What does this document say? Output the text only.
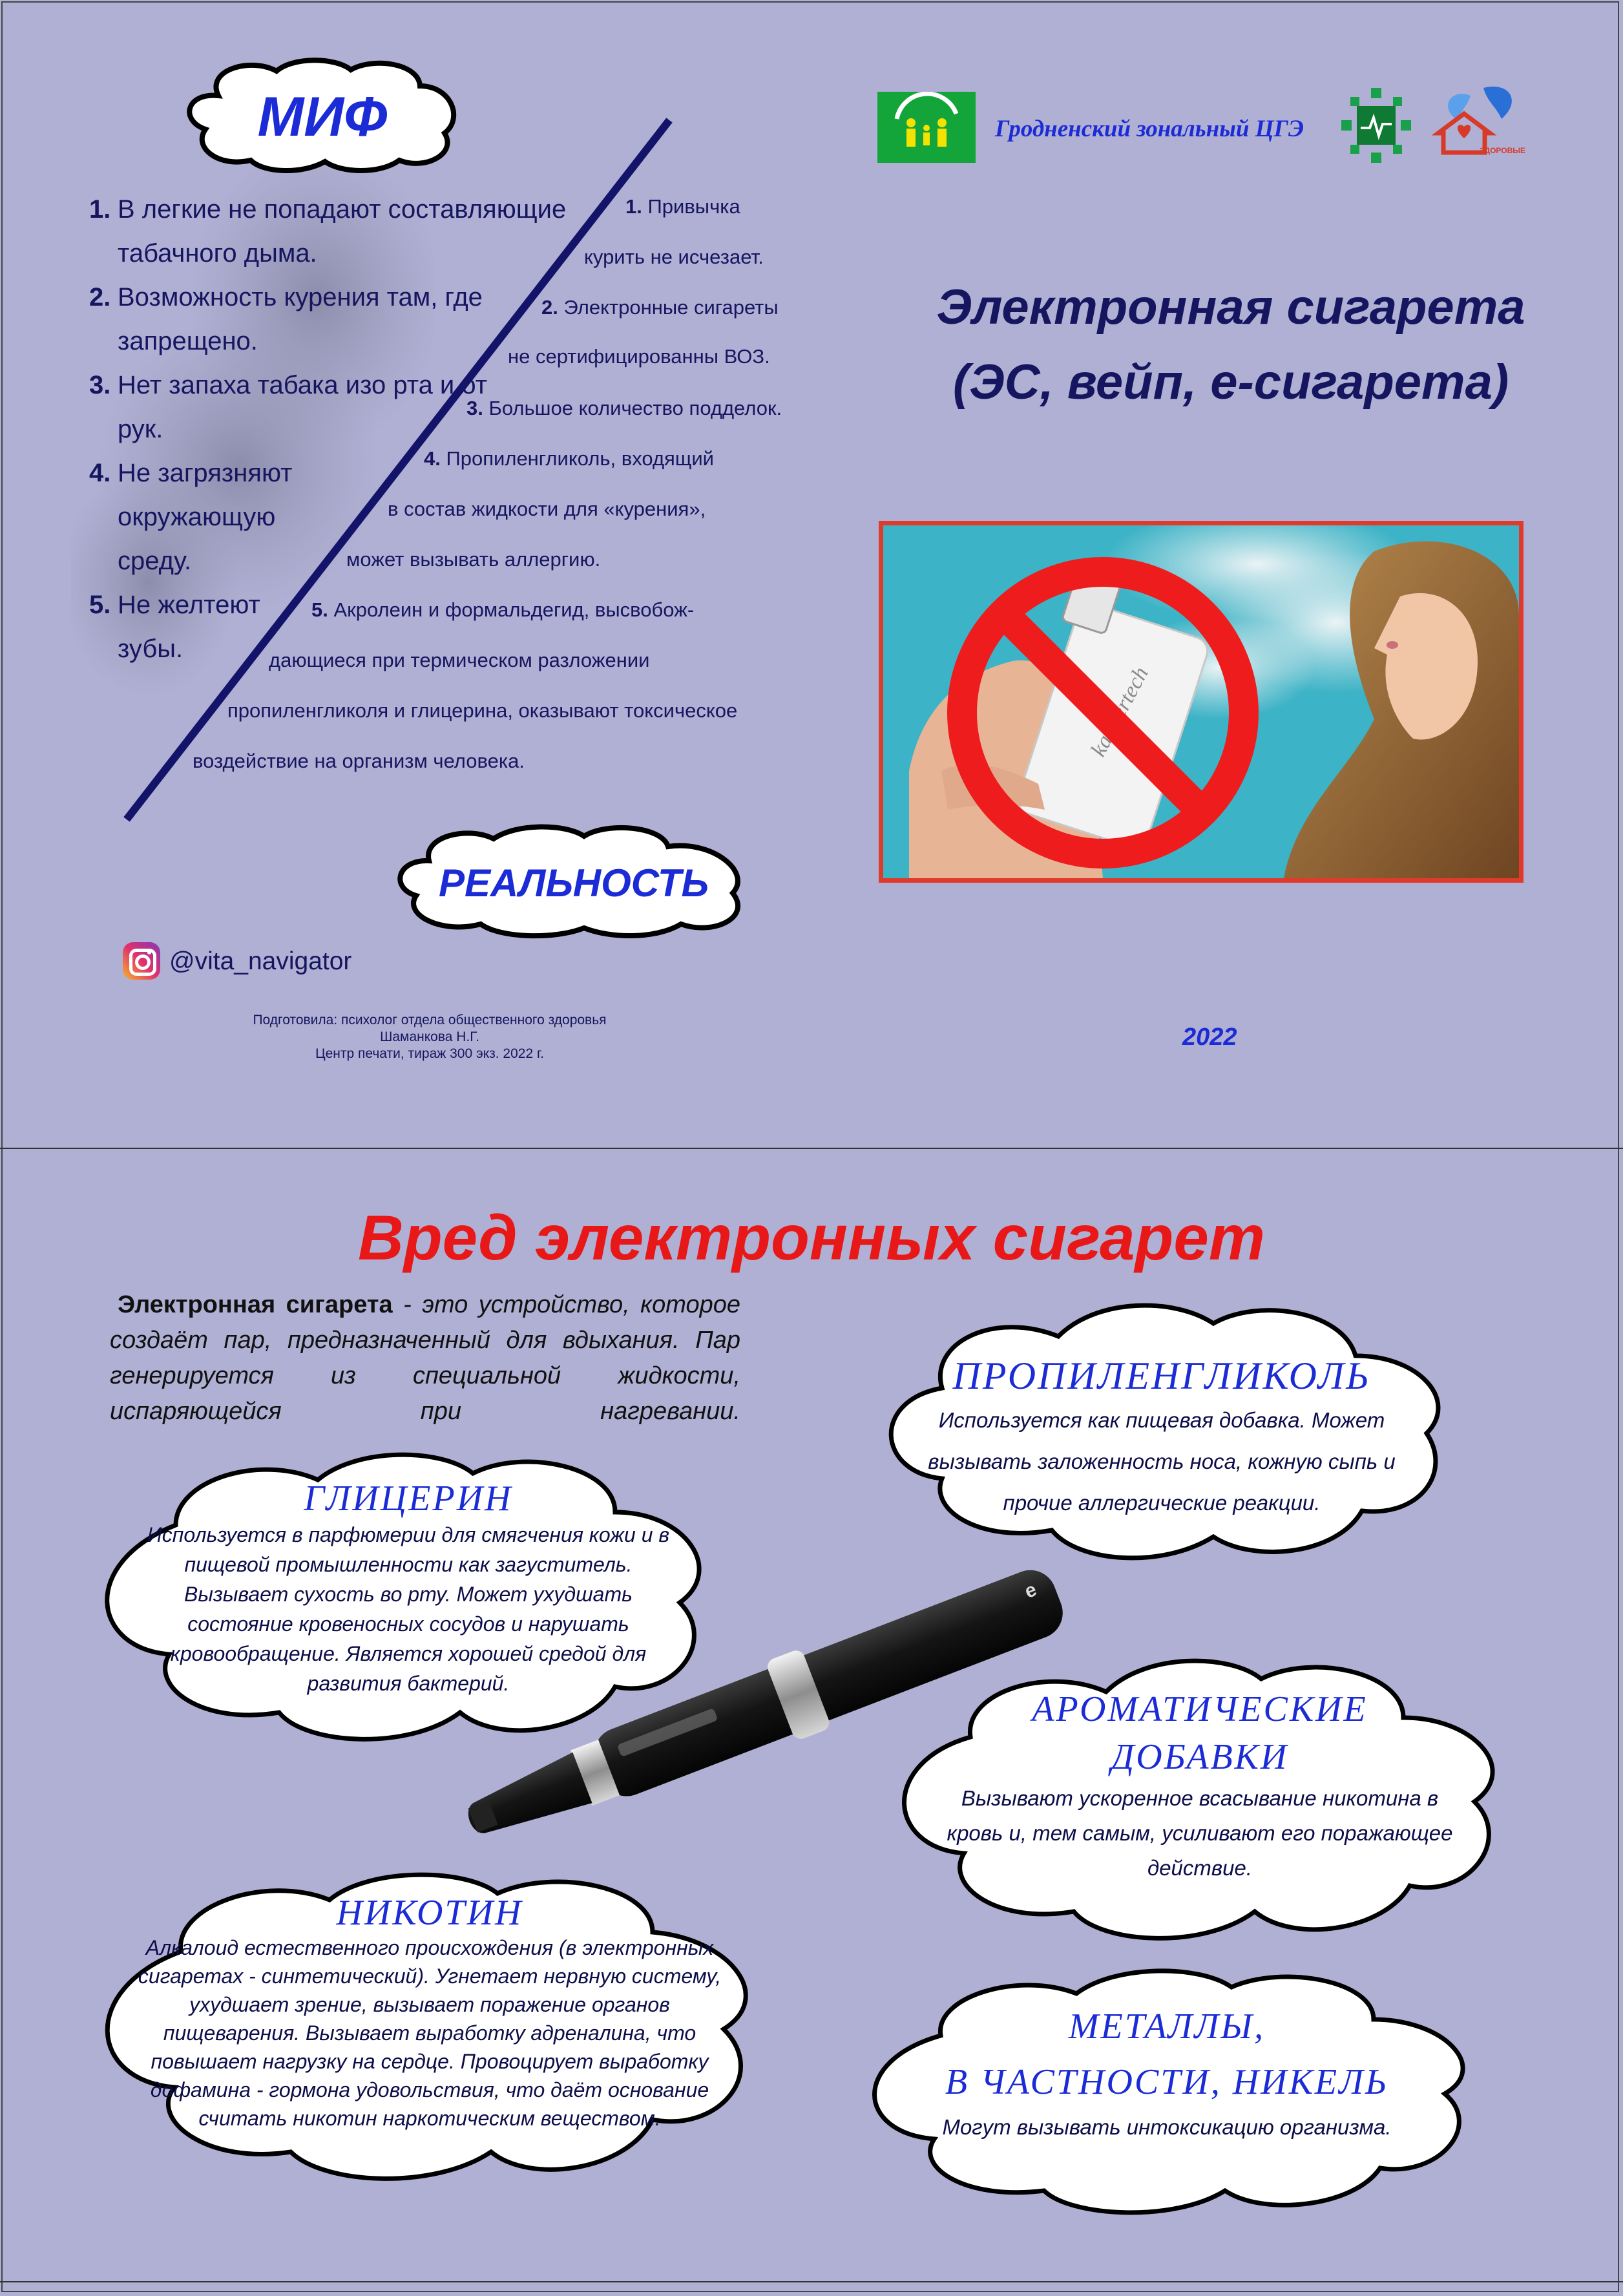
МИФ
1. В легкие не попадают составляющие табачного дыма.
2. Возможность курения там, где запрещено.
3. Нет запаха табака изо рта и от рук.
4. Не загрязняют окружающую среду.
5. Не желтеют зубы.
1. Привычка
курить не исчезает.
2. Электронные сигареты
не сертифицированны ВОЗ.
3. Большое количество подделок.
4. Пропиленгликоль, входящий
в состав жидкости для «курения»,
может вызывать аллергию.
5. Акролеин и формальдегид, высвобож-
дающиеся при термическом разложении
пропиленгликоля и глицерина, оказывают токсическое
воздействие на организм человека.
РЕАЛЬНОСТЬ
@vita_navigator
Подготовила: психолог отдела общественного здоровья
Шаманкова Н.Г.
Центр печати, тираж 300 экз. 2022 г.
Гродненский зональный ЦГЭ
ЗДОРОВЫЕ
Электронная сигарета
(ЭС, вейп, е-сигарета)
2022
Вред электронных сигарет
Электронная сигарета - это устройство, которое создаёт пар, предназначенный для вдыхания. Пар генерируется из специальной жидкости, испаряющейся при нагревании.
e
ПРОПИЛЕНГЛИКОЛЬ
Используется как пищевая добавка. Может вызывать заложенность носа, кожную сыпь и прочие аллергические реакции.
ГЛИЦЕРИН
Используется в парфюмерии для смягчения кожи и в пищевой промышленности как загуститель. Вызывает сухость во рту. Может ухудшать состояние кровеносных сосудов и нарушать кровообращение. Является хорошей средой для развития бактерий.
АРОМАТИЧЕСКИЕ
ДОБАВКИ
Вызывают ускоренное всасывание никотина в кровь и, тем самым, усиливают его поражающее действие.
НИКОТИН
Алкалоид естественного происхождения (в электронных сигаретах - синтетический). Угнетает нервную систему, ухудшает зрение, вызывает поражение органов пищеварения. Вызывает выработку адреналина, что повышает нагрузку на сердце. Провоцирует выработку дофамина - гормона удовольствия, что даёт основание считать никотин наркотическим веществом.
МЕТАЛЛЫ,
В ЧАСТНОСТИ, НИКЕЛЬ
Могут вызывать интоксикацию организма.
